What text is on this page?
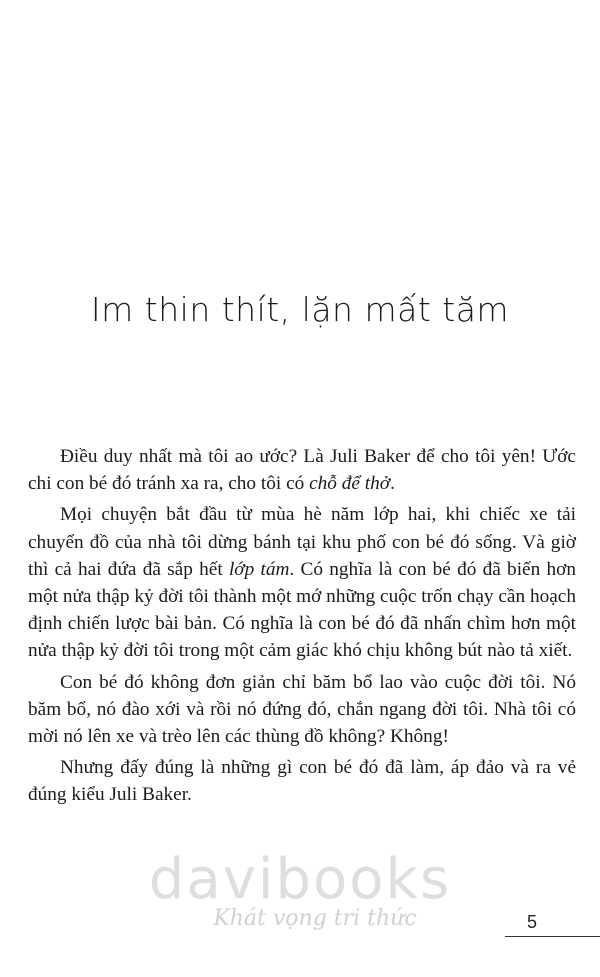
Im thin thít, lặn mất tăm

Điều duy nhất mà tôi ao ước? Là Juli Baker để cho tôi yên! Ước chi con bé đó tránh xa ra, cho tôi có chỗ để thở.

Mọi chuyện bắt đầu từ mùa hè năm lớp hai, khi chiếc xe tải chuyển đồ của nhà tôi dừng bánh tại khu phố con bé đó sống. Và giờ thì cả hai đứa đã sắp hết lớp tám. Có nghĩa là con bé đó đã biến hơn một nửa thập kỷ đời tôi thành một mớ những cuộc trốn chạy cần hoạch định chiến lược bài bản. Có nghĩa là con bé đó đã nhấn chìm hơn một nửa thập kỷ đời tôi trong một cảm giác khó chịu không bút nào tả xiết.

Con bé đó không đơn giản chỉ băm bổ lao vào cuộc đời tôi. Nó băm bổ, nó đào xới và rồi nó đứng đó, chắn ngang đời tôi. Nhà tôi có mời nó lên xe và trèo lên các thùng đồ không? Không!

Nhưng đấy đúng là những gì con bé đó đã làm, áp đảo và ra vẻ đúng kiểu Juli Baker.

davibooks
Khát vọng tri thức	5
